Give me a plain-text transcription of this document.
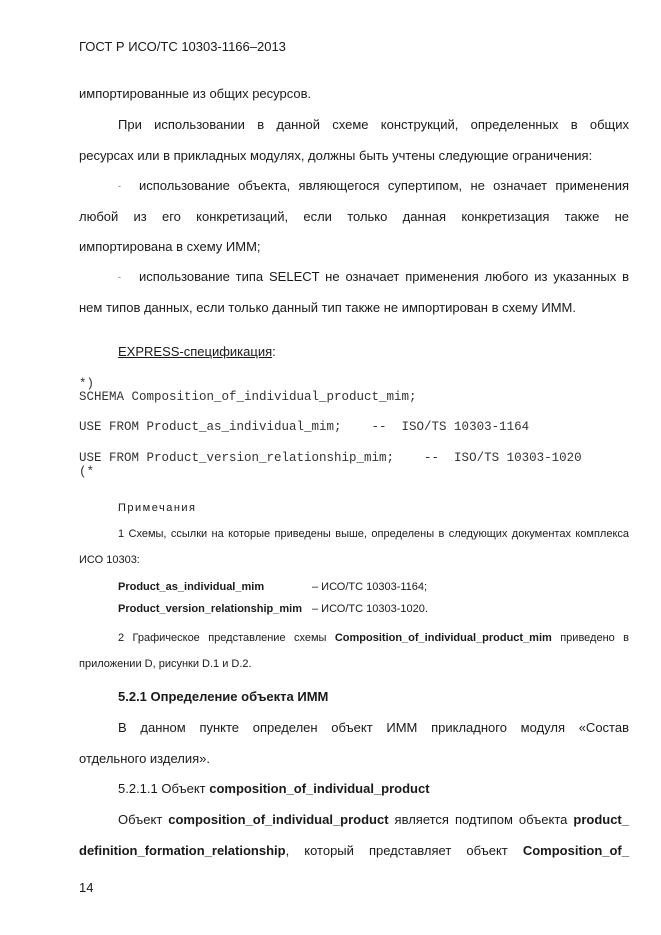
ГОСТ Р ИСО/ТС 10303-1166–2013
импортированные из общих ресурсов.
При использовании в данной схеме конструкций, определенных в общих
ресурсах или в прикладных модулях, должны быть учтены следующие ограничения:
- использование объекта, являющегося супертипом, не означает применения
любой из его конкретизаций, если только данная конкретизация также не
импортирована в схему ИММ;
- использование типа SELECT не означает применения любого из указанных в
нем типов данных, если только данный тип также не импортирован в схему ИММ.
EXPRESS-спецификация:
*)
SCHEMA Composition_of_individual_product_mim;
USE FROM Product_as_individual_mim;    --  ISO/TS 10303-1164
USE FROM Product_version_relationship_mim;    --  ISO/TS 10303-1020
(*
Примечания
1 Схемы, ссылки на которые приведены выше, определены в следующих документах комплекса
ИСО 10303:
Product_as_individual_mim	– ИСО/ТС 10303-1164;
Product_version_relationship_mim – ИСО/ТС 10303-1020.
2 Графическое представление схемы Composition_of_individual_product_mim приведено в
приложении D, рисунки D.1 и D.2.
5.2.1 Определение объекта ИММ
В данном пункте определен объект ИММ прикладного модуля «Состав
отдельного изделия».
5.2.1.1 Объект composition_of_individual_product
Объект composition_of_individual_product является подтипом объекта product_
definition_formation_relationship, который представляет объект Composition_of_
14
